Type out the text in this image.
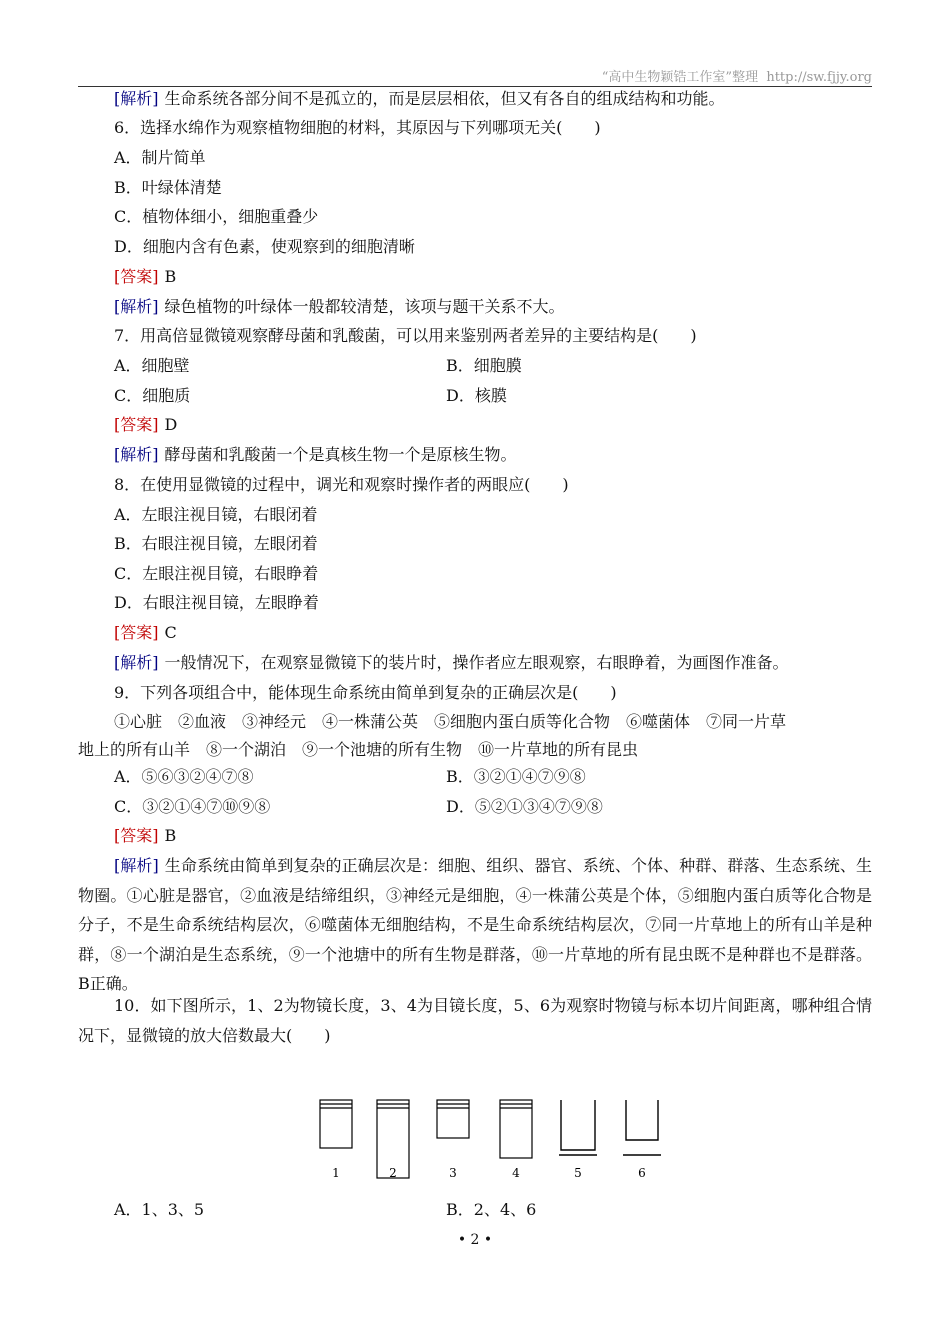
“高中生物颖锆工作室”整理  http://sw.fjjy.org
[解析] 生命系统各部分间不是孤立的，而是层层相依，但又有各自的组成结构和功能。
6．选择水绵作为观察植物细胞的材料，其原因与下列哪项无关(　　)
A．制片简单
B．叶绿体清楚
C．植物体细小，细胞重叠少
D．细胞内含有色素，使观察到的细胞清晰
[答案] B
[解析] 绿色植物的叶绿体一般都较清楚，该项与题干关系不大。
7．用高倍显微镜观察酵母菌和乳酸菌，可以用来鉴别两者差异的主要结构是(　　)
A．细胞壁	B．细胞膜
C．细胞质	D．核膜
[答案] D
[解析] 酵母菌和乳酸菌一个是真核生物一个是原核生物。
8．在使用显微镜的过程中，调光和观察时操作者的两眼应(　　)
A．左眼注视目镜，右眼闭着
B．右眼注视目镜，左眼闭着
C．左眼注视目镜，右眼睁着
D．右眼注视目镜，左眼睁着
[答案] C
[解析] 一般情况下，在观察显微镜下的装片时，操作者应左眼观察，右眼睁着，为画图作准备。
9．下列各项组合中，能体现生命系统由简单到复杂的正确层次是(　　)
①心脏　②血液　③神经元　④一株蒲公英　⑤细胞内蛋白质等化合物　⑥噬菌体　⑦同一片草
地上的所有山羊　⑧一个湖泊　⑨一个池塘的所有生物　⑩一片草地的所有昆虫
A．⑤⑥③②④⑦⑧	B．③②①④⑦⑨⑧
C．③②①④⑦⑩⑨⑧	D．⑤②①③④⑦⑨⑧
[答案] B
[解析] 生命系统由简单到复杂的正确层次是：细胞、组织、器官、系统、个体、种群、群落、生态系统、生物圈。①心脏是器官，②血液是结缔组织，③神经元是细胞，④一株蒲公英是个体，⑤细胞内蛋白质等化合物是分子，不是生命系统结构层次，⑥噬菌体无细胞结构，不是生命系统结构层次，⑦同一片草地上的所有山羊是种群，⑧一个湖泊是生态系统，⑨一个池塘中的所有生物是群落，⑩一片草地的所有昆虫既不是种群也不是群落。B正确。
10．如下图所示，1、2为物镜长度，3、4为目镜长度，5、6为观察时物镜与标本切片间距离，哪种组合情况下，显微镜的放大倍数最大(　　)
1	2	3	4	5	6
A．1、3、5	B．2、4、6
• 2 •
